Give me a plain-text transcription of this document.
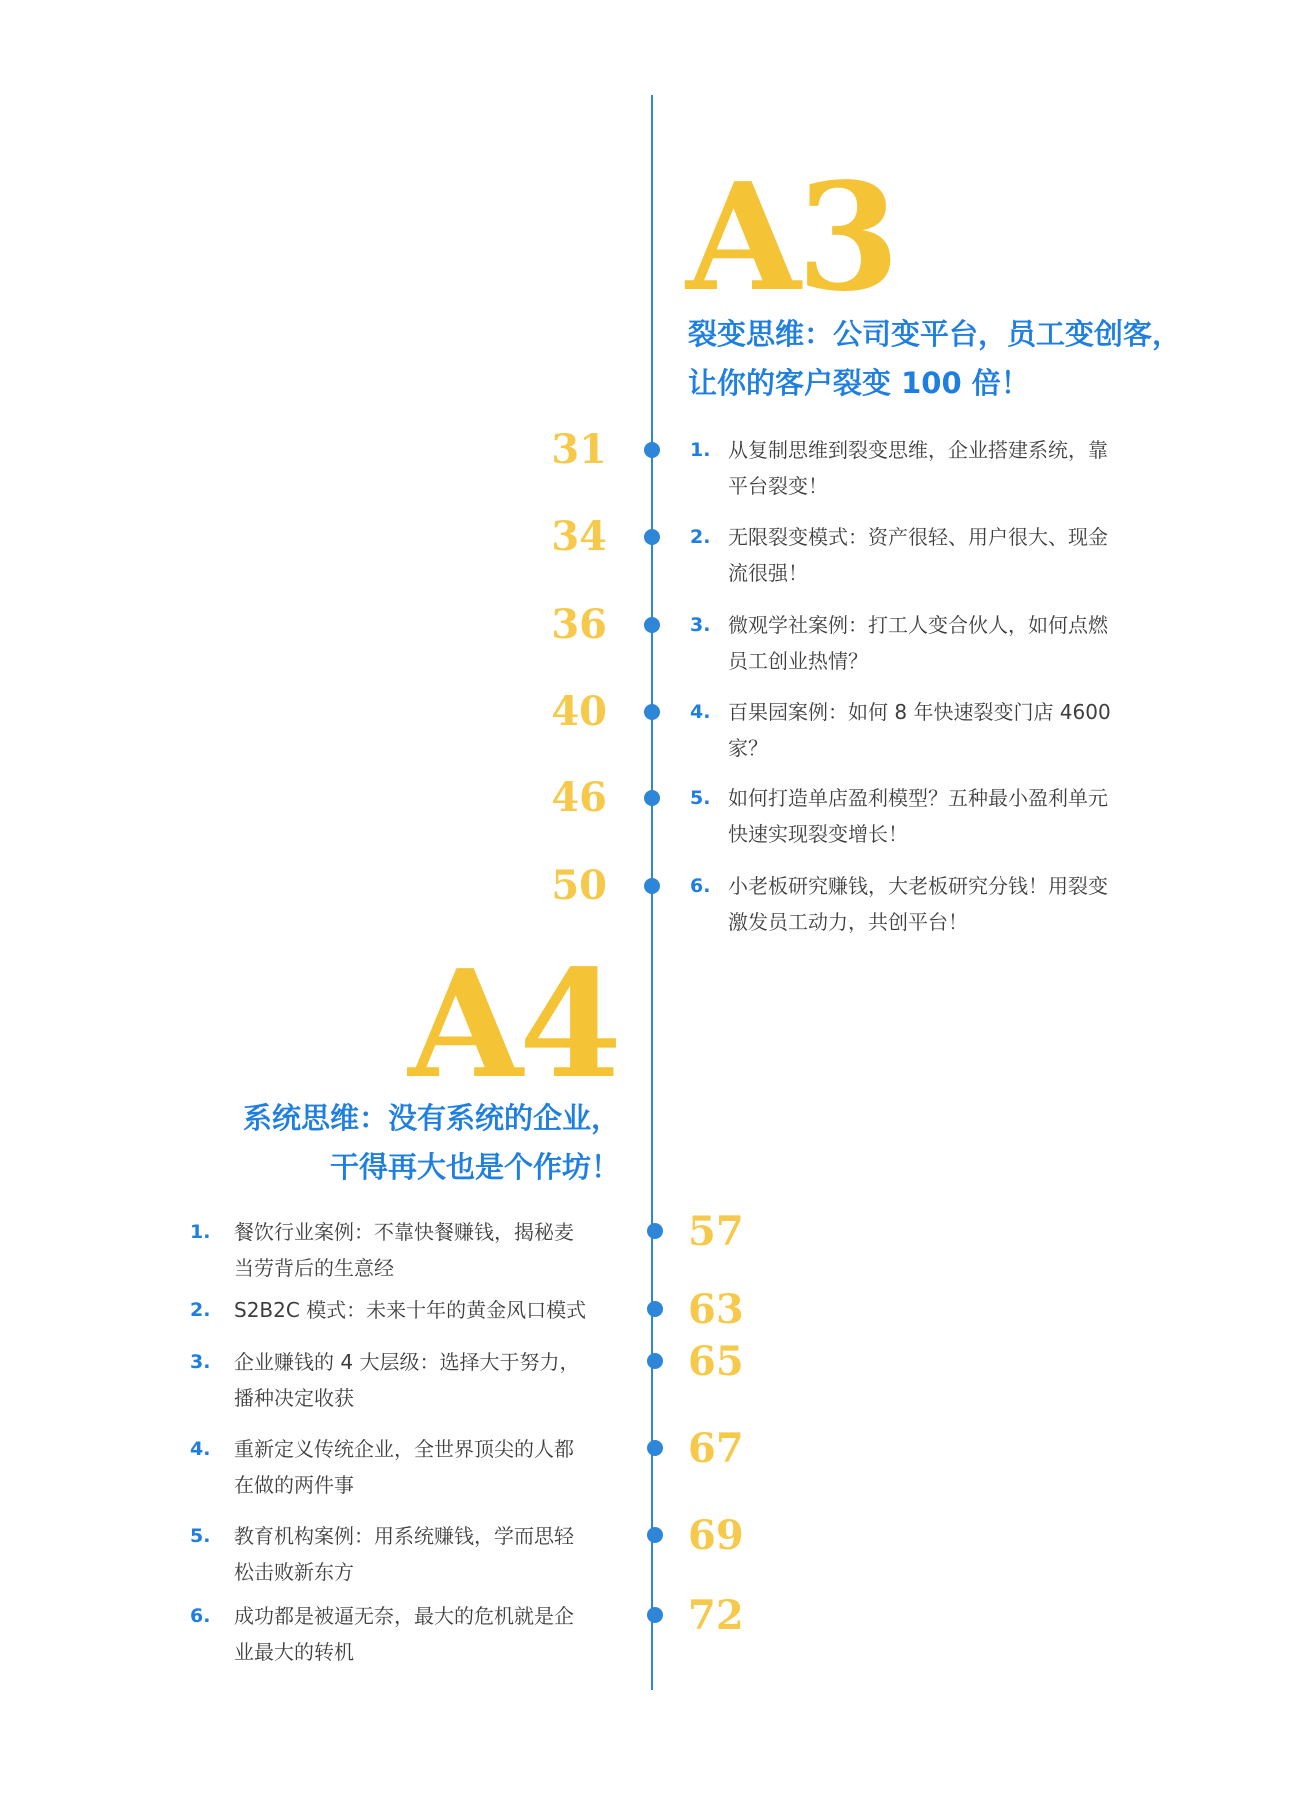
A3
裂变思维：公司变平台，员工变创客，
让你的客户裂变 100 倍！
31	1. 从复制思维到裂变思维，企业搭建系统，靠
平台裂变！
34	2. 无限裂变模式：资产很轻、用户很大、现金
流很强！
36	3. 微观学社案例：打工人变合伙人，如何点燃
员工创业热情？
40	4. 百果园案例：如何 8 年快速裂变门店 4600
家？
46	5. 如何打造单店盈利模型？五种最小盈利单元
快速实现裂变增长！
50	6. 小老板研究赚钱，大老板研究分钱！用裂变
激发员工动力，共创平台！
A4
系统思维：没有系统的企业，
干得再大也是个作坊！
1. 餐饮行业案例：不靠快餐赚钱，揭秘麦
当劳背后的生意经
57
2. S2B2C 模式：未来十年的黄金风口模式	63
3. 企业赚钱的 4 大层级：选择大于努力，
播种决定收获
65
4. 重新定义传统企业，全世界顶尖的人都
在做的两件事
67
5. 教育机构案例：用系统赚钱，学而思轻
松击败新东方
69
6. 成功都是被逼无奈，最大的危机就是企
业最大的转机
72
